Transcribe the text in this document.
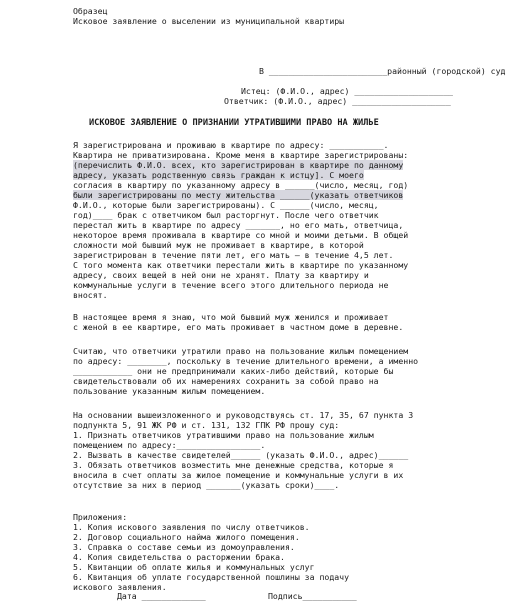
Образец
Исковое заявление о выселении из муниципальной квартиры
В ________________________районный (городской) суд
Истец: (Ф.И.О., адрес) ____________________
Ответчик: (Ф.И.О., адрес) ____________________
ИСКОВОЕ ЗАЯВЛЕНИЕ О ПРИЗНАНИИ УТРАТИВШИМИ ПРАВО НА ЖИЛЬЕ
Я зарегистрирована и проживаю в квартире по адресу: ___________.
Квартира не приватизирована. Кроме меня в квартире зарегистрированы:
(перечислить Ф.И.О. всех, кто зарегистрирован в квартире по данному
адресу, указать родственную связь граждан к истцу]. С моего
согласия в квартиру по указанному адресу в ______(число, месяц, год)
были зарегистрированы по месту жительства ______(указать ответчиков
Ф.И.О., которые были зарегистрированы). С ______(число, месяц,
год)____ брак с ответчиком был расторгнут. После чего ответчик
перестал жить в квартире по адресу _______, но его мать, ответчица,
некоторое время проживала в квартире со мной и моими детьми. В общей
сложности мой бывший муж не проживает в квартире, в которой
зарегистрирован в течение пяти лет, его мать – в течение 4,5 лет.
С того момента как ответчики перестали жить в квартире по указанному
адресу, своих вещей в ней они не хранят. Плату за квартиру и
коммунальные услуги в течение всего этого длительного периода не
вносят.
В настоящее время я знаю, что мой бывший муж женился и проживает
с женой в ее квартире, его мать проживает в частном доме в деревне.
Считаю, что ответчики утратили право на пользование жилым помещением
по адресу: ________, поскольку в течение длительного времени, а именно
____________ они не предпринимали каких-либо действий, которые бы
свидетельствовали об их намерениях сохранить за собой право на
пользование указанным жилым помещением.
На основании вышеизложенного и руководствуясь ст. 17, 35, 67 пункта 3
подпункта 5, 91 ЖК РФ и ст. 131, 132 ГПК РФ прошу суд:
1. Признать ответчиков утратившими право на пользование жилым
помещением по адресу:_________________.
2. Вызвать в качестве свидетелей______ (указать Ф.И.О., адрес)______
3. Обязать ответчиков возместить мне денежные средства, которые я
вносила в счет оплаты за жилое помещение и коммунальные услуги в их
отсутствие за них в период _______(указать сроки)____.
Приложения:
1. Копия искового заявления по числу ответчиков.
2. Договор социального найма жилого помещения.
3. Справка о составе семьи из домоуправления.
4. Копия свидетельства о расторжении брака.
5. Квитанции об оплате жилья и коммунальных услуг
6. Квитанция об уплате государственной пошлины за подачу
искового заявления.
Дата _____________	Подпись___________
